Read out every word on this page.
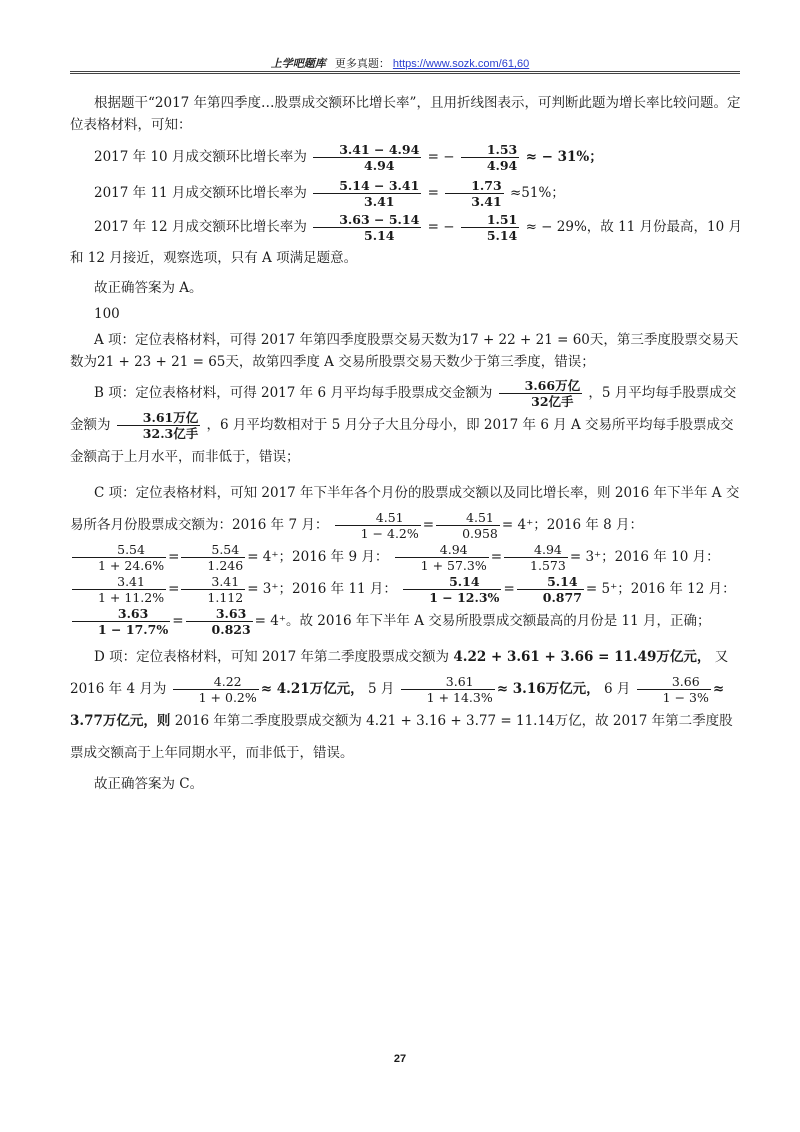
上学吧题库 更多真题： https://www.sozk.com/61,60

根据题干“2017 年第四季度…股票成交额环比增长率”，且用折线图表示，可判断此题为增长率比较问题。定位表格材料，可知：

2017 年 10 月成交额环比增长率为 $\frac{3.41 - 4.94}{4.94}$ = − $\frac{1.53}{4.94}$ ≈ − 31%；
2017 年 11 月成交额环比增长率为 $\frac{5.14 - 3.41}{3.41} = \frac{1.73}{3.41} \approx 51\%$；
2017 年 12 月成交额环比增长率为 $\frac{3.63 - 5.14}{5.14}$ = − $\frac{1.51}{5.14}$ ≈ − 29%，故 11 月份最高，10 月和 12 月接近，观察选项，只有 A 项满足题意。

故正确答案为 A。

100

A 项：定位表格材料，可得 2017 年第四季度股票交易天数为17 + 22 + 21 = 60天，第三季度股票交易天数为21 + 23 + 21 = 65天，故第四季度 A 交易所股票交易天数少于第三季度，错误；

B 项：定位表格材料，可得 2017 年 6 月平均每手股票成交金额为 $\frac{\text{3.66万亿}}{\text{32亿手}}$ ，5 月平均每手股票成交金额为 $\frac{\text{3.61万亿}}{\text{32.3亿手}}$ ，6 月平均数相对于 5 月分子大且分母小，即 2017 年 6 月 A 交易所平均每手股票成交金额高于上月水平，而非低于，错误；
C 项：定位表格材料，可知 2017 年下半年各个月份的股票成交额以及同比增长率，则 2016 年下半年 A 交易所各月份股票成交额为：2016 年 7 月： $\frac{4.51}{1 - 4.2\%} = \frac{4.51}{0.958} = 4^+$；2016 年 8 月：
$\frac{5.54}{1 + 24.6\%} = \frac{5.54}{1.246} = 4^+$；2016 年 9 月： $\frac{4.94}{1 + 57.3\%} = \frac{4.94}{1.573} = 3^+$；2016 年 10 月：
$\frac{3.41}{1 + 11.2\%} = \frac{3.41}{1.112} = 3^+$；2016 年 11 月： $\frac{5.14}{1 - 12.3\%} = \frac{5.14}{0.877} = 5^+$；2016 年 12 月：
$\frac{3.63}{1 - 17.7\%} = \frac{3.63}{0.823} = 4^+$。故 2016 年下半年 A 交易所股票成交额最高的月份是 11 月，正确；
D 项：定位表格材料，可知 2017 年第二季度股票成交额为 4.22 + 3.61 + 3.66 = 11.49万亿元， 又 2016 年 4 月为 $\frac{4.22}{1 + 0.2\%} \approx 4.21$万亿元， 5 月 $\frac{3.61}{1 + 14.3\%} \approx 3.16$万亿元， 6 月 $\frac{3.66}{1 - 3\%} \approx 3.77$万亿元，则 2016 年第二季度股票成交额为 4.21 + 3.16 + 3.77 = 11.14万亿，故 2017 年第二季度股票成交额高于上年同期水平，而非低于，错误。

故正确答案为 C。

27
